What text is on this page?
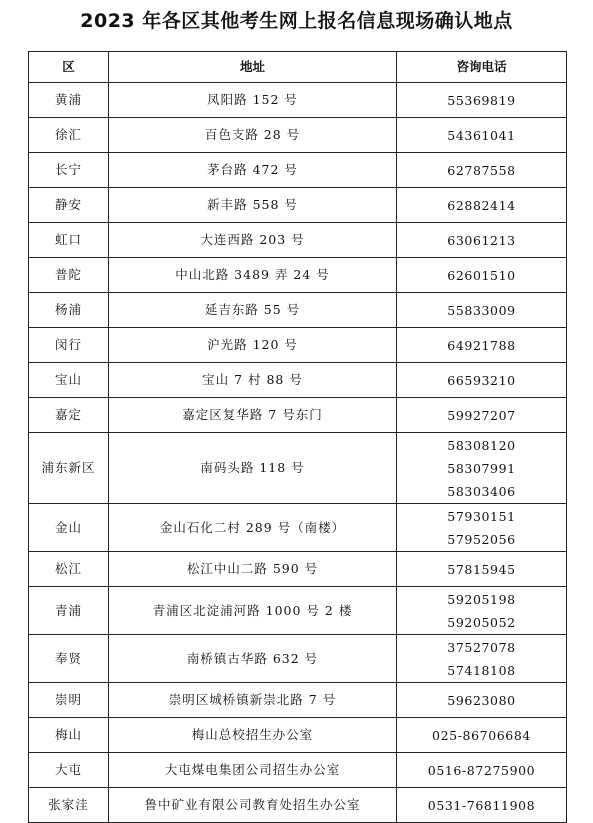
2023 年各区其他考生网上报名信息现场确认地点
区	地址	咨询电话
黄浦	凤阳路 152 号	55369819

徐汇	百色支路 28 号	54361041

长宁	茅台路 472 号	62787558

静安	新丰路 558 号	62882414

虹口	大连西路 203 号	63061213

普陀	中山北路 3489 弄 24 号	62601510

杨浦	延吉东路 55 号	55833009

闵行	沪光路 120 号	64921788

宝山	宝山 7 村 88 号	66593210

嘉定	嘉定区复华路 7 号东门	59927207

浦东新区	南码头路 118 号	58308120
58307991
58303406

金山	金山石化二村 289 号（南楼）	57930151
57952056

松江	松江中山二路 590 号	57815945

青浦	青浦区北淀浦河路 1000 号 2 楼	59205198
59205052

奉贤	南桥镇古华路 632 号	37527078
57418108

崇明	崇明区城桥镇新崇北路 7 号	59623080

梅山	梅山总校招生办公室	025-86706684

大屯	大屯煤电集团公司招生办公室	0516-87275900

张家洼	鲁中矿业有限公司教育处招生办公室	0531-76811908
